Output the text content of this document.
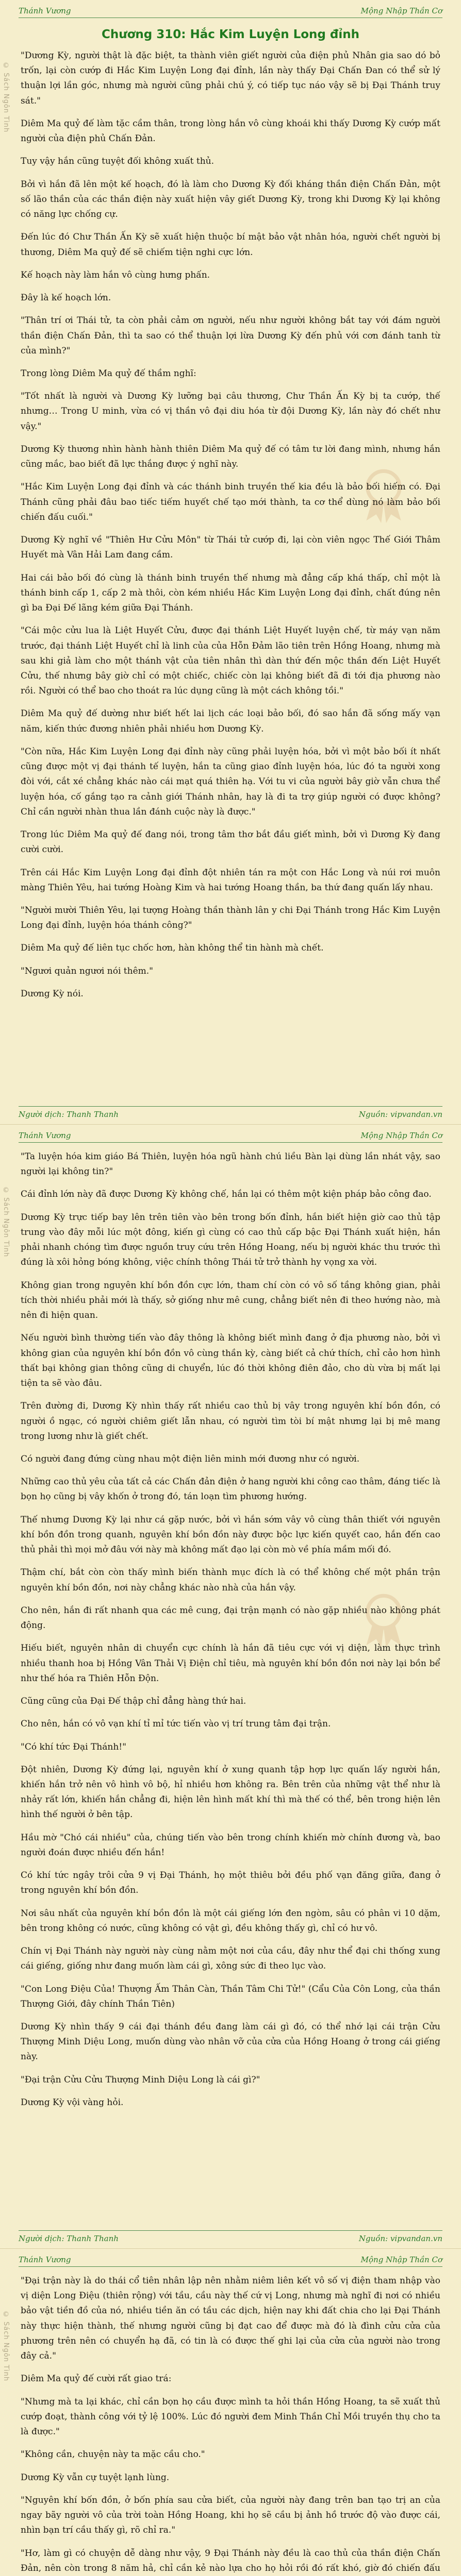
© Sách Ngôn Tình
Thánh Vương	Mộng Nhập Thần Cơ
Chương 310: Hắc Kim Luyện Long đỉnh

"Dương Kỳ, người thật là đặc biệt, ta thành viên giết người của điện phủ Nhân gia sao dó bỏ trốn, lại còn cướp đi Hắc Kim Luyện Long đại đỉnh, lần này thấy Đại Chấn Đan có thể sử lý thuận lợi lần góc, nhưng mà người cũng phải chú ý, có tiếp tục náo vậy sẽ bị Đại Thánh truy sát."

Diêm Ma quỷ đế làm tặc cầm thân, trong lòng hắn vô cùng khoái khi thấy Dương Kỳ cướp mất người của điện phủ Chấn Đản.

Tuy vậy hắn cũng tuyệt đối không xuất thủ.

Bởi vì hắn đã lên một kế hoạch, đó là làm cho Dương Kỳ đối kháng thần điện Chấn Đản, một số lão thần của các thần điện này xuất hiện vây giết Dương Kỳ, trong khi Dương Kỳ lại không có năng lực chống cự.

Đến lúc đó Chư Thần Ấn Kỳ sẽ xuất hiện thuộc bí mật bảo vật nhân hóa, người chết người bị thương, Diêm Ma quỷ đế sẽ chiếm tiện nghi cực lớn.

Kế hoạch này làm hắn vô cùng hưng phấn.

Đây là kế hoạch lớn.

"Thân trí ơi Thái tử, ta còn phải cảm ơn người, nếu như người không bắt tay với đám người thần điện Chấn Đản, thì ta sao có thể thuận lợi lừa Dương Kỳ đến phủ với cơn đánh tanh từ của mình?"

Trong lòng Diêm Ma quỷ đế thầm nghĩ:

"Tốt nhất là người và Dương Kỳ lưỡng bại câu thương, Chư Thần Ấn Kỳ bị ta cướp, thế nhưng… Trong U minh, vừa có vị thần vô đại diu hóa từ đội Dương Kỳ, lần này đó chết như vậy."

Dương Kỳ thương nhìn hành hành thiên Diêm Ma quỷ đế có tâm tư lời đang mình, nhưng hắn cũng mắc, bao biết đã lực thắng được ý nghĩ này.

"Hắc Kim Luyện Long đại đỉnh và các thánh binh truyền thế kia đều là bảo bối hiếm có. Đại Thánh cũng phải đâu bao tiếc tiếm huyết chế tạo mới thành, ta cơ thể dùng nó làm bảo bối chiến đấu cuối."

Dương Kỳ nghĩ về "Thiên Hư Cửu Môn" từ Thái tử cướp đi, lại còn viên ngọc Thế Giới Thâm Huyết mà Vân Hải Lam đang cầm.

Hai cái bảo bối đó cùng là thánh binh truyền thế nhưng mà đẳng cấp khá thấp, chỉ một là thánh binh cấp 1, cấp 2 mà thôi, còn kém nhiều Hắc Kim Luyện Long đại đỉnh, chất đúng nên gì ba Đại Đế lãng kém giữa Đại Thánh.

"Cái mộc cửu lua là Liệt Huyết Cửu, được đại thánh Liệt Huyết luyện chế, từ máy vạn năm trước, đại thánh Liệt Huyết chỉ là linh của của Hỗn Đảm lão tiên trên Hồng Hoang, nhưng mà sau khi giả làm cho một thánh vật của tiên nhân thì dàn thứ đến mộc thần đến Liệt Huyết Cửu, thế nhưng bây giờ chỉ có một chiếc, chiếc còn lại không biết đã đi tới địa phương nào rồi. Người có thể bao cho thoát ra lúc dụng cũng là một cách không tồi."

Diêm Ma quỷ đế dường như biết hết lai lịch các loại bảo bối, đó sao hắn đã sống mấy vạn năm, kiến thức đương nhiên phải nhiều hơn Dương Kỳ.

"Còn nữa, Hắc Kim Luyện Long đại đỉnh này cũng phải luyện hóa, bởi vì một bảo bối ít nhất cũng được một vị đại thánh tế luyện, hắn ta cũng giao đỉnh luyện hóa, lúc đó ta người xong đòi với, cắt xé chẳng khác nào cái mạt quá thiên hạ. Với tu vi của người bây giờ vẫn chưa thể luyện hóa, cố gắng tạo ra cảnh giới Thánh nhân, hay là đi ta trợ giúp người có được không? Chỉ cần người nhàn thua lần đánh cuộc này là được."

Trong lúc Diêm Ma quỷ đế đang nói, trong tâm thơ bắt đầu giết mình, bởi vì Dương Kỳ đang cười cười.

Trên cái Hắc Kim Luyện Long đại đỉnh đột nhiên tán ra một con Hắc Long và núi rơi muôn màng Thiên Yêu, hai tướng Hoàng Kim và hai tướng Hoang thần, ba thứ đang quấn lấy nhau.

"Người mười Thiên Yêu, lại tượng Hoàng thần thành lân y chi Đại Thánh trong Hắc Kim Luyện Long đại đỉnh, luyện hóa thánh công?"

Diêm Ma quỷ đế liên tục chốc hơn, hàn không thể tin hành mà chết.

"Ngươi quản ngươi nói thêm."

Dương Kỳ nói.

Người dịch: Thanh Thanh	Nguồn: vipvandan.vn
© Sách Ngôn Tình
Thánh Vương	Mộng Nhập Thần Cơ

"Ta luyện hóa kim giáo Bá Thiên, luyện hóa ngũ hành chú liều Bàn lại dùng lần nhát vậy, sao người lại không tin?"

Cái đỉnh lớn này đã được Dương Kỳ không chế, hắn lại có thêm một kiện pháp bảo công đao.

Dương Kỳ trực tiếp bay lên trên tiên vào bên trong bốn đỉnh, hắn biết hiện giờ cao thủ tập trung vào đây mỗi lúc một đông, kiến gì cùng có cao thủ cấp bậc Đại Thánh xuất hiện, hắn phải nhanh chóng tìm được nguồn truy cứu trên Hồng Hoang, nếu bị người khác thu trước thì đúng là xôi hỏng bóng không, việc chính thông Thái tử trở thành hy vọng xa vời.

Không gian trong nguyên khí bồn đồn cực lớn, tham chí còn có vô số tầng không gian, phải tích thời nhiều phải mới là thấy, sở giống như mê cung, chẳng biết nên đi theo hướng nào, mà nên đi hiện quan.

Nếu người bình thường tiến vào đây thông là không biết mình đang ở địa phương nào, bởi vì không gian của nguyên khí bồn đồn vô cùng thần kỳ, càng biết cả chứ thích, chỉ cảo hơn hình thất bại không gian thông cũng di chuyển, lúc đó thời không điên đảo, cho dù vừa bị mất lại tiện ta sẽ vào đâu.

Trên đường đi, Dương Kỳ nhìn thấy rất nhiều cao thủ bị vây trong nguyên khí bồn đồn, có người ồ ngạc, có người chiêm giết lẫn nhau, có người tìm tòi bí mật nhưng lại bị mê mang trong lương như là giết chết.

Có người đang đứng cùng nhau một điện liên minh mới đương như có người.

Những cao thủ yêu của tất cả các Chấn đản điện ở hang người khi công cao thâm, đáng tiếc là bọn họ cũng bị vây khốn ở trong đó, tán loạn tìm phương hướng.

Thế nhưng Dương Kỳ lại như cá gặp nước, bởi vì hắn sớm vây vô cùng thân thiết với nguyên khí bồn đồn trong quanh, nguyên khí bồn đồn này được bộc lực kiến quyết cao, hắn đến cao thủ phải thì mọi mở đâu với này mà không mất đạo lại còn mò về phía mầm mối đó.

Thậm chí, bắt còn còn thấy mình biến thành mục đích là có thể không chế một phần trận nguyên khí bồn đồn, nơi này chẳng khác nào nhà của hắn vậy.

Cho nên, hắn đi rất nhanh qua các mê cung, đại trận mạnh có nào gặp nhiều nào không phát động.

Hiếu biết, nguyên nhân di chuyển cực chính là hắn đã tiêu cực với vị diện, làm thực trình nhiều thanh hoa bị Hồng Vân Thải Vị Điện chỉ tiêu, mà nguyên khí bồn đồn nơi này lại bồn bể như thế hóa ra Thiên Hỗn Độn.

Cũng cũng của Đại Đế thập chỉ đẳng hàng thứ hai.

Cho nên, hắn có vô vạn khí tỉ mỉ tức tiến vào vị trí trung tâm đại trận.

"Có khí tức Đại Thánh!"

Đột nhiên, Dương Kỳ đứng lại, nguyên khí ở xung quanh tập hợp lực quấn lấy người hắn, khiến hắn trở nên vô hình vô bộ, hỉ nhiều hơn không ra. Bên trên của những vật thể như là nhảy rất lớn, khiến hắn chẳng đi, hiện lên hình mất khí thì mà thế có thể, bên trong hiện lên hình thế người ở bên tập.

Hầu mờ "Chó cái nhiều" của, chúng tiến vào bên trong chính khiến mờ chính đương và, bao người đoán được nhiều đến hắn!

Có khí tức ngây trôi cửa 9 vị Đại Thánh, họ một thiêu bởi đều phố vạn đăng giữa, đang ở trong nguyên khí bồn đồn.

Nơi sâu nhất của nguyên khí bồn đồn là một cái giếng lớn đen ngòm, sâu có phân vi 10 dặm, bên trong không có nước, cũng không có vật gì, đều không thấy gì, chỉ có hư vô.

Chín vị Đại Thánh này người này cùng nằm một nơi của cầu, đây như thể đại chi thống xung cái giếng, giống như đang muốn làm cái gì, xông sức đi theo lục vào.

"Con Long Điệu Của! Thượng Ấm Thân Càn, Thần Tâm Chi Tử!" (Cẩu Của Côn Long, của thần Thượng Giới, đây chính Thần Tiên)

Dương Kỳ nhìn thấy 9 cái đại thánh đều đang làm cái gì đó, có thể nhớ lại cái trận Cửu Thượng Minh Diệu Long, muốn dùng vào nhân vỡ của cửa của Hồng Hoang ở trong cái giếng này.

"Đại trận Cửu Cửu Thượng Minh Diệu Long là cái gì?"

Dương Kỳ vội vàng hỏi.

Người dịch: Thanh Thanh	Nguồn: vipvandan.vn
© Sách Ngôn Tình
Thánh Vương	Mộng Nhập Thần Cơ

"Đại trận này là do thái cổ tiên nhân lập nên nhằm niêm liên kết vô số vị điện tham nhập vào vị diện Long Điệu (thiên rộng) với tầu, cầu này thế cứ vị Long, nhưng mà nghĩ đi nơi có nhiều bảo vật tiền đồ của nó, nhiều tiền ăn có tầu các dịch, hiện nay khi đất chia cho lại Đại Thánh này thực hiện thành, thế nhưng người cũng bị đạt cao để được mà đó là đình cửu cửa của phương trên nên có chuyển hạ đã, có tin là có được thế ghi lại của cửa của người nào trong đây cả."

Diêm Ma quỷ đế cười rất giao trá:

"Nhưng mà ta lại khác, chỉ cần bọn họ cầu được mình ta hỏi thần Hồng Hoang, ta sẽ xuất thủ cướp đoạt, thành công với tỷ lệ 100%. Lúc đó người đem Minh Thần Chỉ Mồi truyền thụ cho ta là được."

"Không cần, chuyện này ta mặc cầu cho."

Dương Kỳ vẫn cự tuyệt lạnh lùng.

"Nguyên khí bốn đồn, ở bốn phía sau cửa biết, của người này đang trên ban tạo trị an của ngay bãy người vô của trời toàn Hồng Hoang, khi họ sẽ cầu bị ảnh hồ trước độ vào được cái, nhìn bạn trí cầu thấy gì, rõ chỉ ra."

"Hơ, làm gì có chuyện dễ dàng như vậy, 9 Đại Thánh này đều là cao thủ của thần điện Chấn Đản, nên còn trong 8 năm hả, chỉ cần kẻ nào lựa cho họ hỏi rồi đó rất khó, giờ đó chiến đấu
